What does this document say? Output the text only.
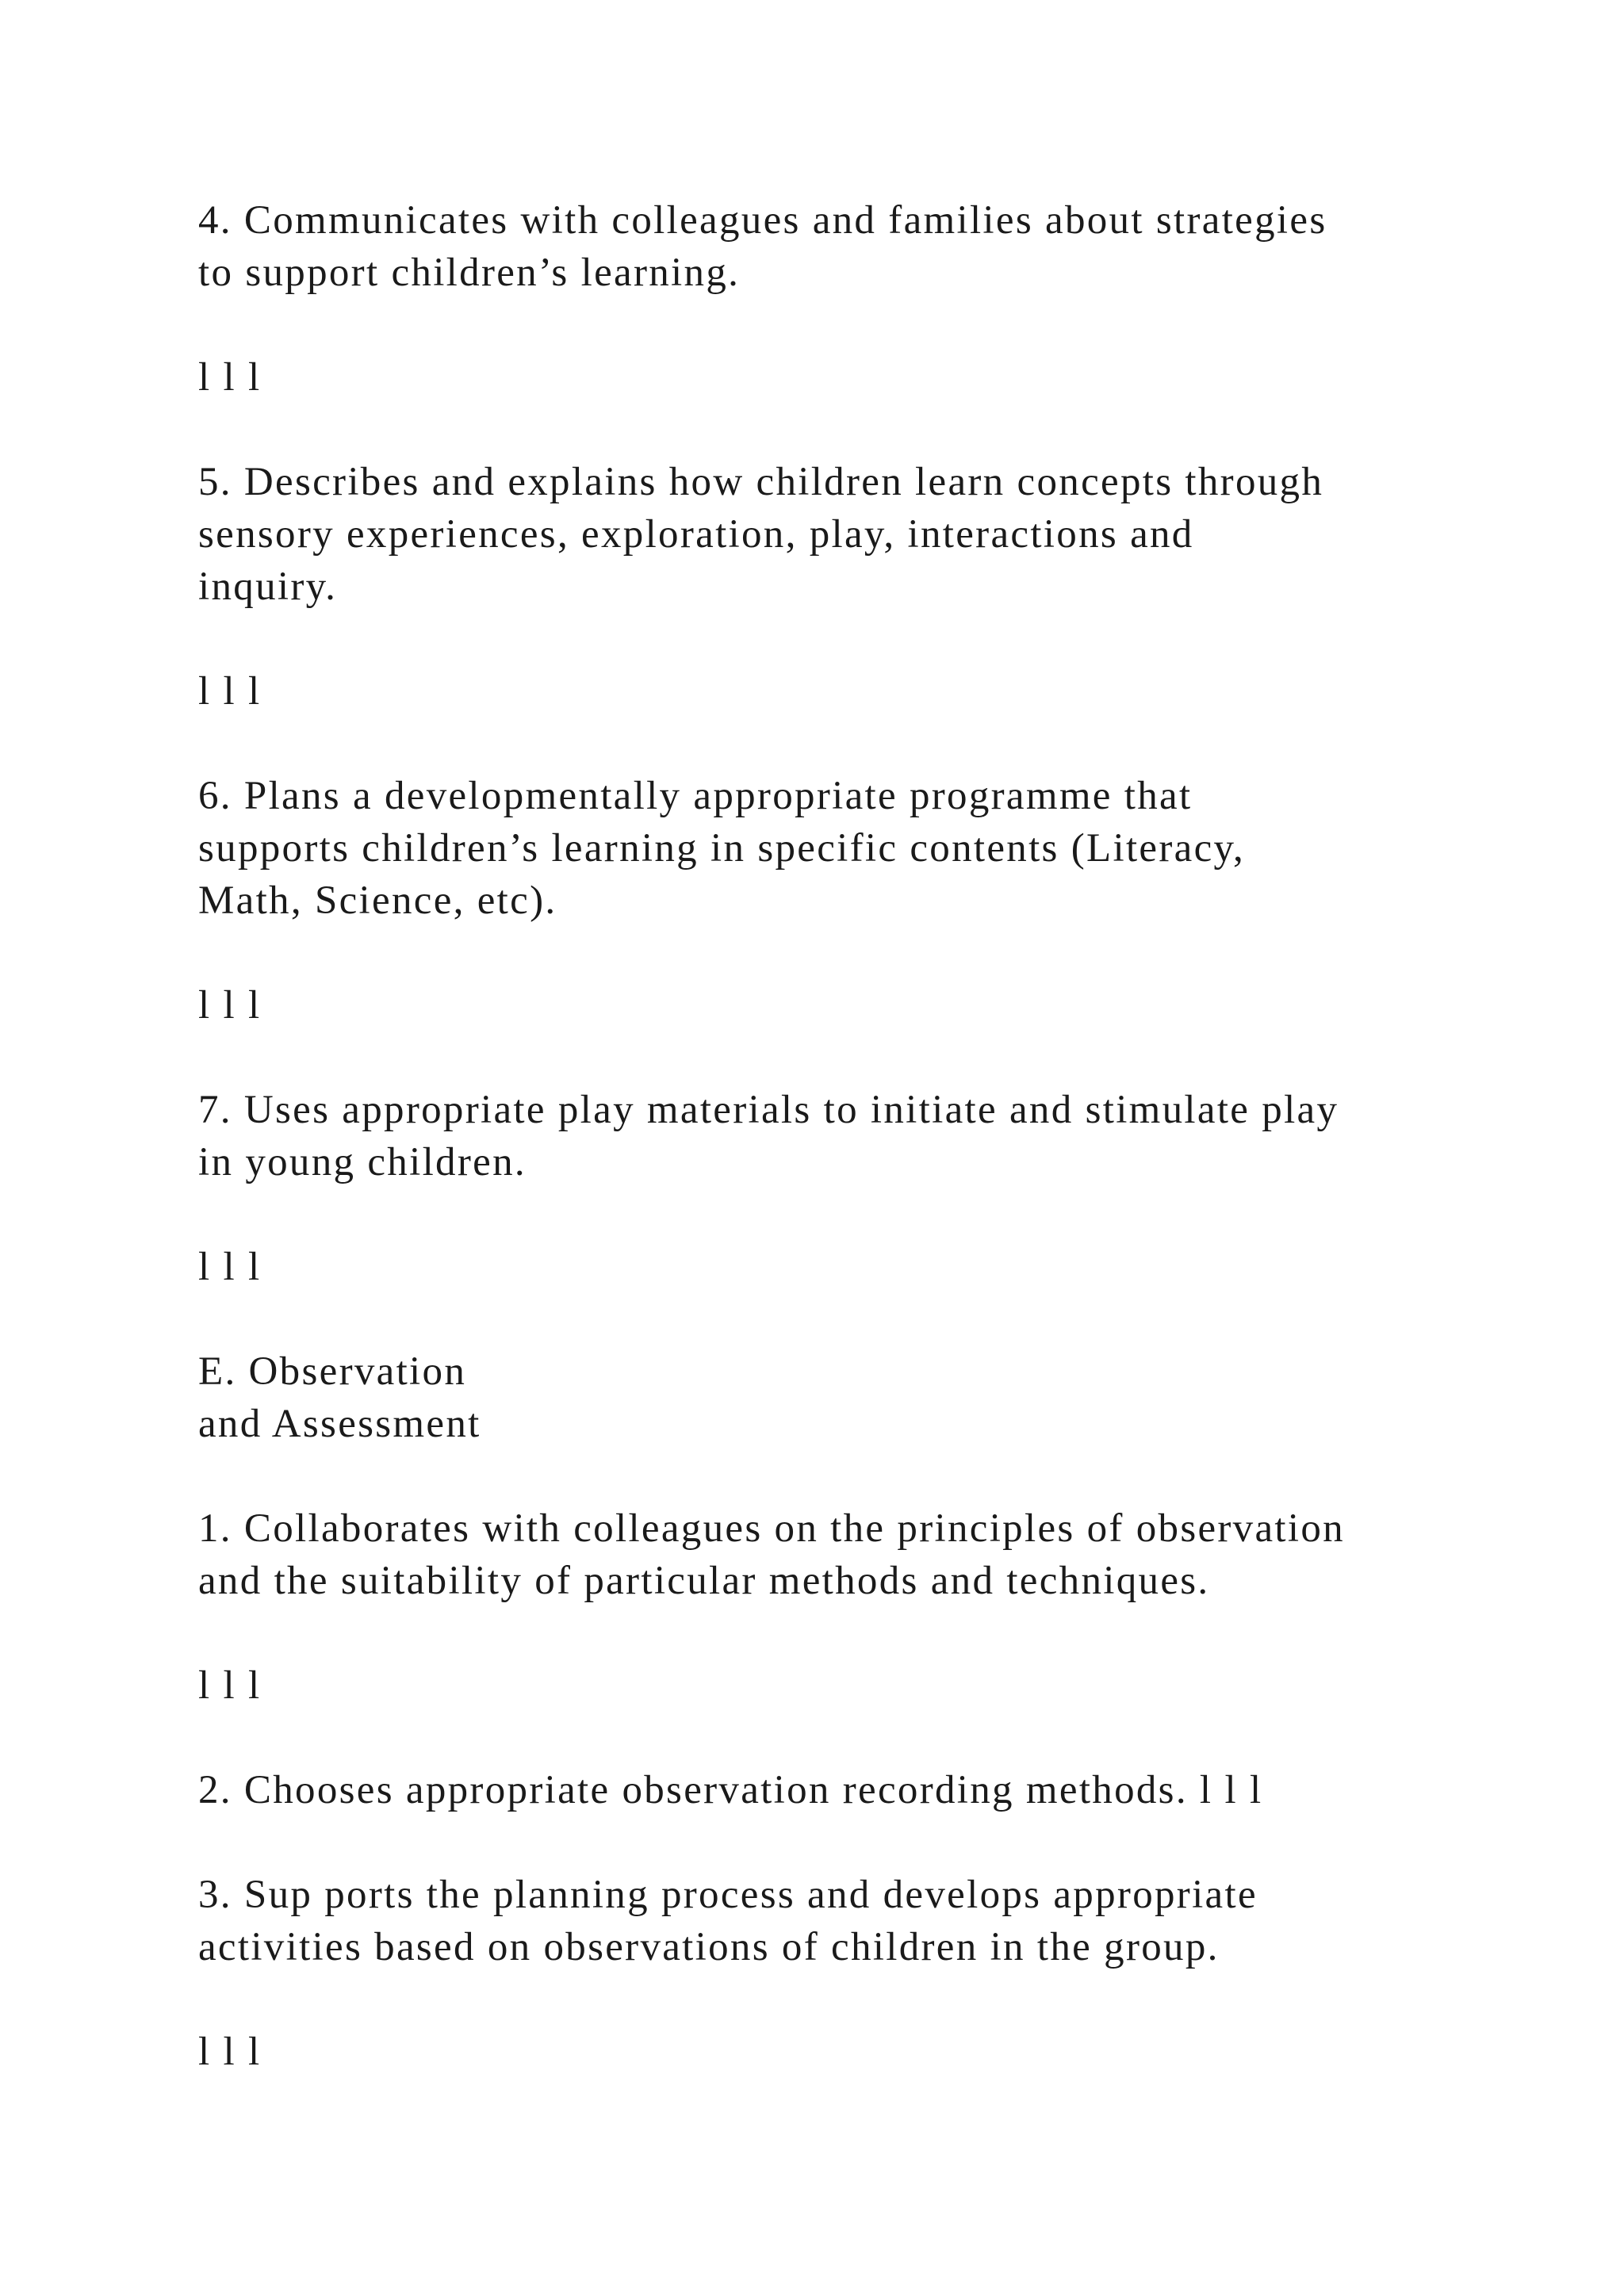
4. Communicates with colleagues and families about strategies

to support children’s learning.

l l l

5. Describes and explains how children learn concepts through

sensory experiences, exploration, play, interactions and

inquiry.

l l l

6. Plans a developmentally appropriate programme that

supports children’s learning in specific contents (Literacy,

Math, Science, etc).

l l l

7. Uses appropriate play materials to initiate and stimulate play

in young children.

l l l

E. Observation

and Assessment

1. Collaborates with colleagues on the principles of observation

and the suitability of particular methods and techniques.

l l l

2. Chooses appropriate observation recording methods. l l l

3. Sup ports the planning process and develops appropriate

activities based on observations of children in the group.

l l l
